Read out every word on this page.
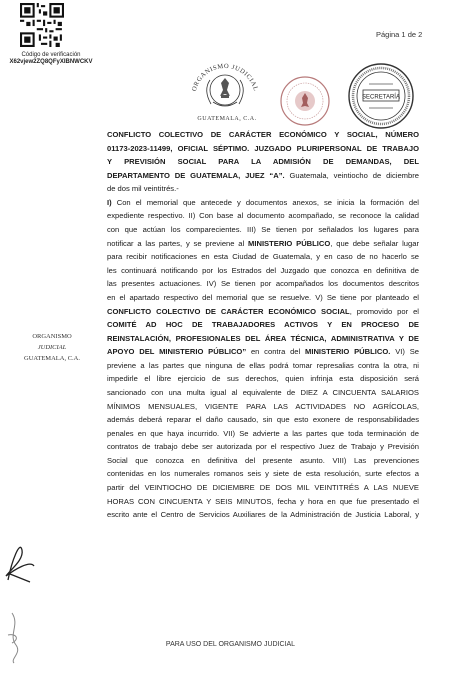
Código de verificación
X62vjew2ZQ8QFyXIBNWCKV
Página 1 de 2
ORGANISMO JUDICIAL
GUATEMALA, C.A.
SECRETARÍA
CONFLICTO COLECTIVO DE CARÁCTER ECONÓMICO Y SOCIAL, NÚMERO
01173-2023-11499, OFICIAL SÉPTIMO. JUZGADO PLURIPERSONAL DE TRABAJO
Y PREVISIÓN SOCIAL PARA LA ADMISIÓN DE DEMANDAS, DEL
DEPARTAMENTO DE GUATEMALA, JUEZ “A”. Guatemala, veintiocho de diciembre
de dos mil veintitrés.-
I) Con el memorial que antecede y documentos anexos, se inicia la formación del
expediente respectivo. II) Con base al documento acompañado, se reconoce la calidad
con que actúan los comparecientes. III) Se tienen por señalados los lugares para
notificar a las partes, y se previene al MINISTERIO PÚBLICO, que debe señalar lugar
para recibir notificaciones en esta Ciudad de Guatemala, y en caso de no hacerlo se
les continuará notificando por los Estrados del Juzgado que conozca en definitiva de
las presentes actuaciones. IV) Se tienen por acompañados los documentos descritos
en el apartado respectivo del memorial que se resuelve. V) Se tiene por planteado el
CONFLICTO COLECTIVO DE CARÁCTER ECONÓMICO SOCIAL, promovido por el
COMITÉ AD HOC DE TRABAJADORES ACTIVOS Y EN PROCESO DE
REINSTALACIÓN, PROFESIONALES DEL ÁREA TÉCNICA, ADMINISTRATIVA Y DE
APOYO DEL MINISTERIO PÚBLICO” en contra del MINISTERIO PÚBLICO. VI) Se
previene a las partes que ninguna de ellas podrá tomar represalias contra la otra, ni
impedirle el libre ejercicio de sus derechos, quien infrinja esta disposición será
sancionado con una multa igual al equivalente de DIEZ A CINCUENTA SALARIOS
MÍNIMOS MENSUALES, VIGENTE PARA LAS ACTIVIDADES NO AGRÍCOLAS,
además deberá reparar el daño causado, sin que esto exonere de responsabilidades
penales en que haya incurrido. VII) Se advierte a las partes que toda terminación de
contratos de trabajo debe ser autorizada por el respectivo Juez de Trabajo y Previsión
Social que conozca en definitiva del presente asunto. VIII) Las prevenciones
contenidas en los numerales romanos seis y siete de esta resolución, surte efectos a
partir del VEINTIOCHO DE DICIEMBRE DE DOS MIL VEINTITRÉS A LAS NUEVE
HORAS CON CINCUENTA Y SEIS MINUTOS, fecha y hora en que fue presentado el
escrito ante el Centro de Servicios Auxiliares de la Administración de Justicia Laboral, y
ORGANISMO
JUDICIAL
GUATEMALA, C.A.
PARA USO DEL ORGANISMO JUDICIAL
